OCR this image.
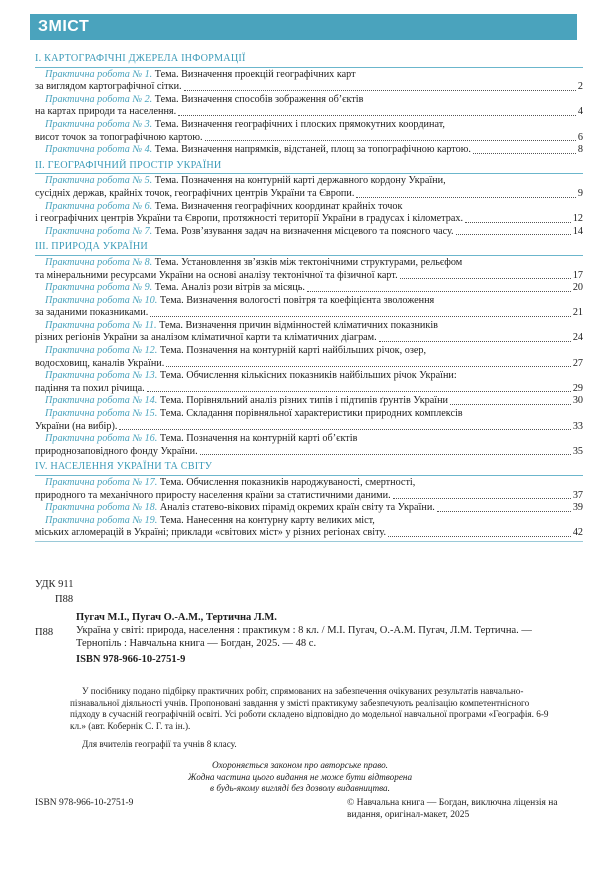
ЗМІСТ
I. КАРТОГРАФІЧНІ ДЖЕРЕЛА ІНФОРМАЦІЇ
Практична робота № 1. Тема. Визначення проекцій географічних карт
за виглядом картографічної сітки.	2
Практична робота № 2. Тема. Визначення способів зображення об’єктів
на картах природи та населення.	4
Практична робота № 3. Тема. Визначення географічних і плоских прямокутних координат,
висот точок за топографічною картою.	6
Практична робота № 4. Тема. Визначення напрямків, відстаней, площ за топографічною картою.	8
II. ГЕОГРАФІЧНИЙ ПРОСТІР УКРАЇНИ
Практична робота № 5. Тема. Позначення на контурній карті державного кордону України,
сусідніх держав, крайніх точок, географічних центрів України та Європи.	9
Практична робота № 6. Тема. Визначення географічних координат крайніх точок
і географічних центрів України та Європи, протяжності території України в градусах і кілометрах.	12
Практична робота № 7. Тема. Розв’язування задач на визначення місцевого та поясного часу.	14
III. ПРИРОДА УКРАЇНИ
Практична робота № 8. Тема. Установлення зв’язків між тектонічними структурами, рельєфом
та мінеральними ресурсами України на основі аналізу тектонічної та фізичної карт.	17
Практична робота № 9. Тема. Аналіз рози вітрів за місяць.	20
Практична робота № 10. Тема. Визначення вологості повітря та коефіцієнта зволоження
за заданими показниками.	21
Практична робота № 11. Тема. Визначення причин відмінностей кліматичних показників
різних регіонів України за аналізом кліматичної карти та кліматичних діаграм.	24
Практична робота № 12. Тема. Позначення на контурній карті найбільших річок, озер,
водосховищ, каналів України.	27
Практична робота № 13. Тема. Обчислення кількісних показників найбільших річок України:
падіння та похил річища.	29
Практична робота № 14. Тема. Порівняльний аналіз різних типів і підтипів ґрунтів України	30
Практична робота № 15. Тема. Складання порівняльної характеристики природних комплексів
України (на вибір).	33
Практична робота № 16. Тема. Позначення на контурній карті об’єктів
природнозаповідного фонду України.	35
IV. НАСЕЛЕННЯ УКРАЇНИ ТА СВІТУ
Практична робота № 17. Тема. Обчислення показників народжуваності, смертності,
природного та механічного приросту населення країни за статистичними даними.	37
Практична робота № 18. Аналіз статево-вікових пірамід окремих країн світу та України.	39
Практична робота № 19. Тема. Нанесення на контурну карту великих міст,
міських агломерацій в Україні; приклади «світових міст» у різних регіонах світу.	42
УДК 911
П88
П88
Пугач М.І., Пугач О.-А.М., Тертична Л.М.
Україна у світі: природа, населення : практикум : 8 кл. / М.І. Пугач, О.-А.М. Пугач, Л.М. Тертична. — Тернопіль : Навчальна книга — Богдан, 2025. — 48 с.
ISBN 978-966-10-2751-9
У посібнику подано підбірку практичних робіт, спрямованих на забезпечення очікуваних результатів навчально-пізнавальної діяльності учнів. Пропоновані завдання у змісті практикуму забезпечують реалізацію компетентнісного підходу в сучасній географічній освіті. Усі роботи складено відповідно до модельної навчальної програми «Географія. 6-9 кл.» (авт. Кобернік С. Г. та ін.).
Для вчителів географії та учнів 8 класу.
Охороняється законом про авторське право.
Жодна частина цього видання не може бути відтворена
в будь-якому вигляді без дозволу видавництва.
ISBN 978-966-10-2751-9	© Навчальна книга — Богдан, виключна ліцензія на видання, оригінал-макет, 2025
